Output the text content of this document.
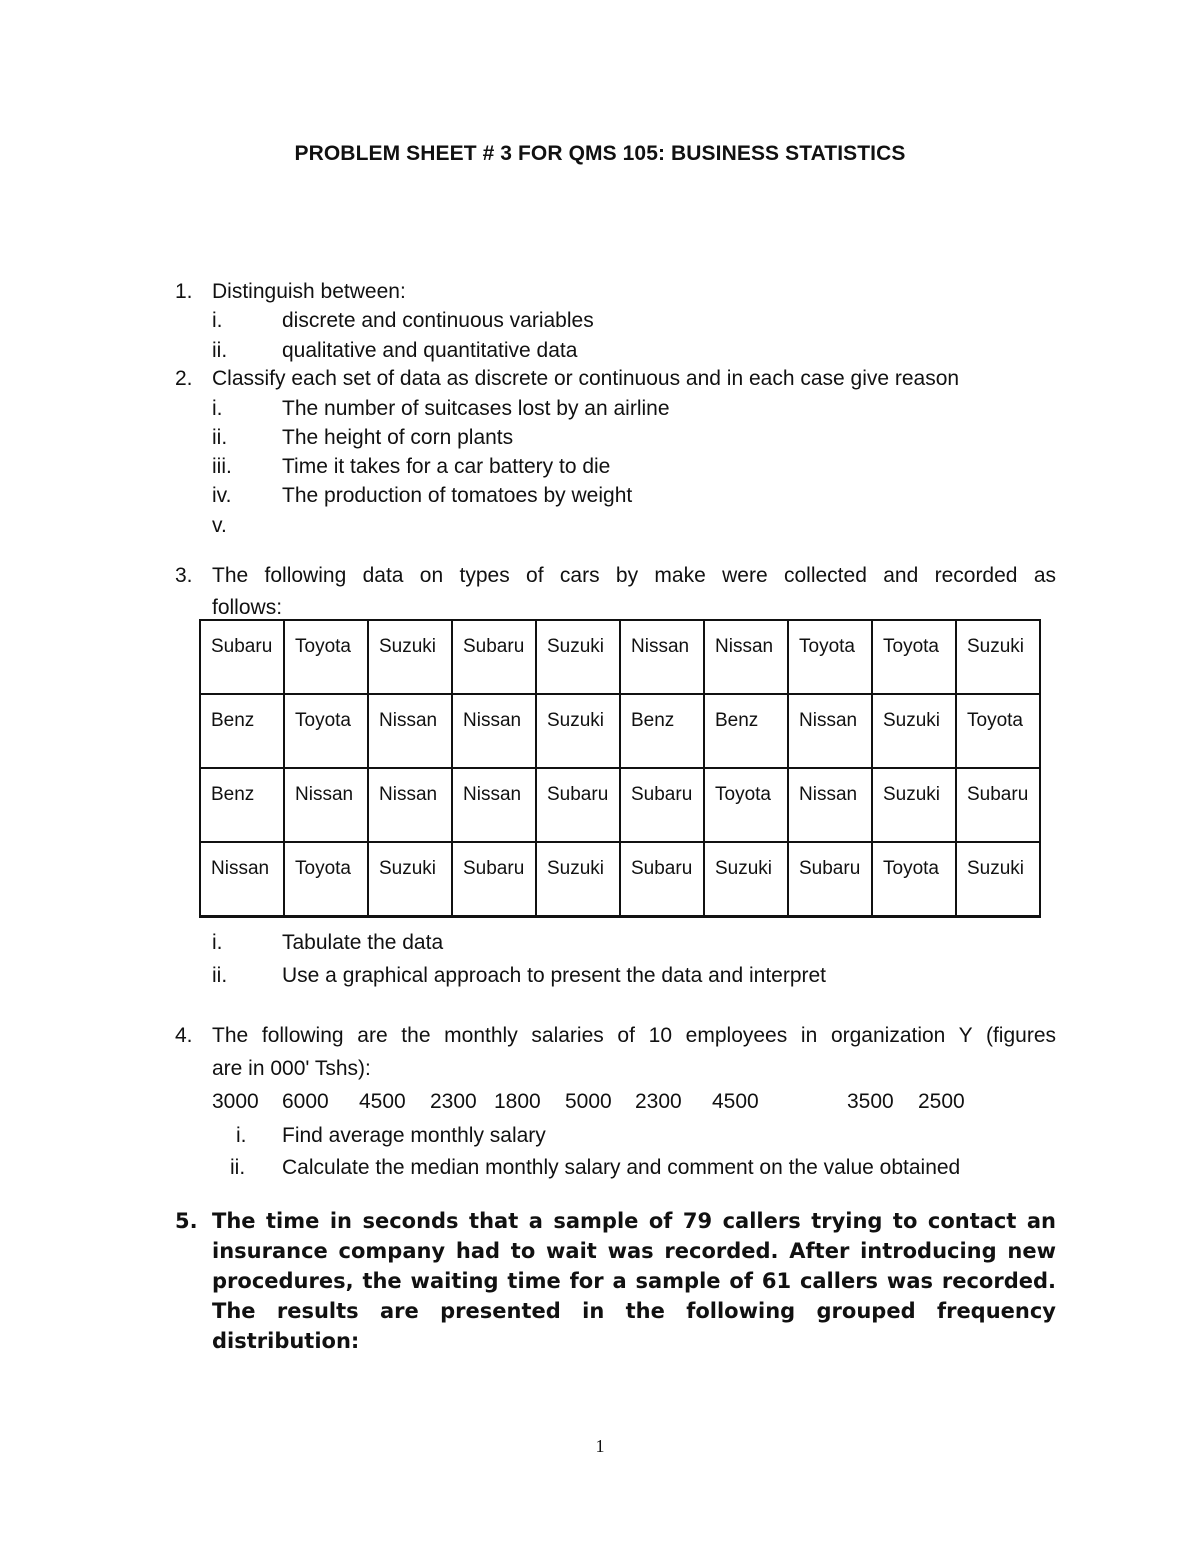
PROBLEM SHEET # 3 FOR QMS 105: BUSINESS STATISTICS
1. Distinguish between:
i.	discrete and continuous variables
ii.	qualitative and quantitative data
2. Classify each set of data as discrete or continuous and in each case give reason
i.	The number of suitcases lost by an airline
ii.	The height of corn plants
iii. Time it takes for a car battery to die
iv. The production of tomatoes by weight
v.
3. The following data on types of cars by make were collected and recorded as
follows:
Subaru	Toyota	Suzuki	Subaru	Suzuki	Nissan	Nissan	Toyota	Toyota	Suzuki
Benz	Toyota	Nissan	Nissan	Suzuki	Benz	Benz	Nissan	Suzuki	Toyota
Benz	Nissan	Nissan	Nissan	Subaru	Subaru	Toyota	Nissan	Suzuki	Subaru
Nissan	Toyota	Suzuki	Subaru	Suzuki	Subaru	Suzuki	Subaru	Toyota	Suzuki
i.	Tabulate the data
ii.	Use a graphical approach to present the data and interpret
4. The following are the monthly salaries of 10 employees in organization Y (figures
are in 000' Tshs):
3000 6000 4500 2300 1800 5000 2300 4500	3500 2500
i. Find average monthly salary
ii. Calculate the median monthly salary and comment on the value obtained
5. The time in seconds that a sample of 79 callers trying to contact an
insurance company had to wait was recorded. After introducing new
procedures, the waiting time for a sample of 61 callers was recorded.
The results are presented in the following grouped frequency
distribution:
1
